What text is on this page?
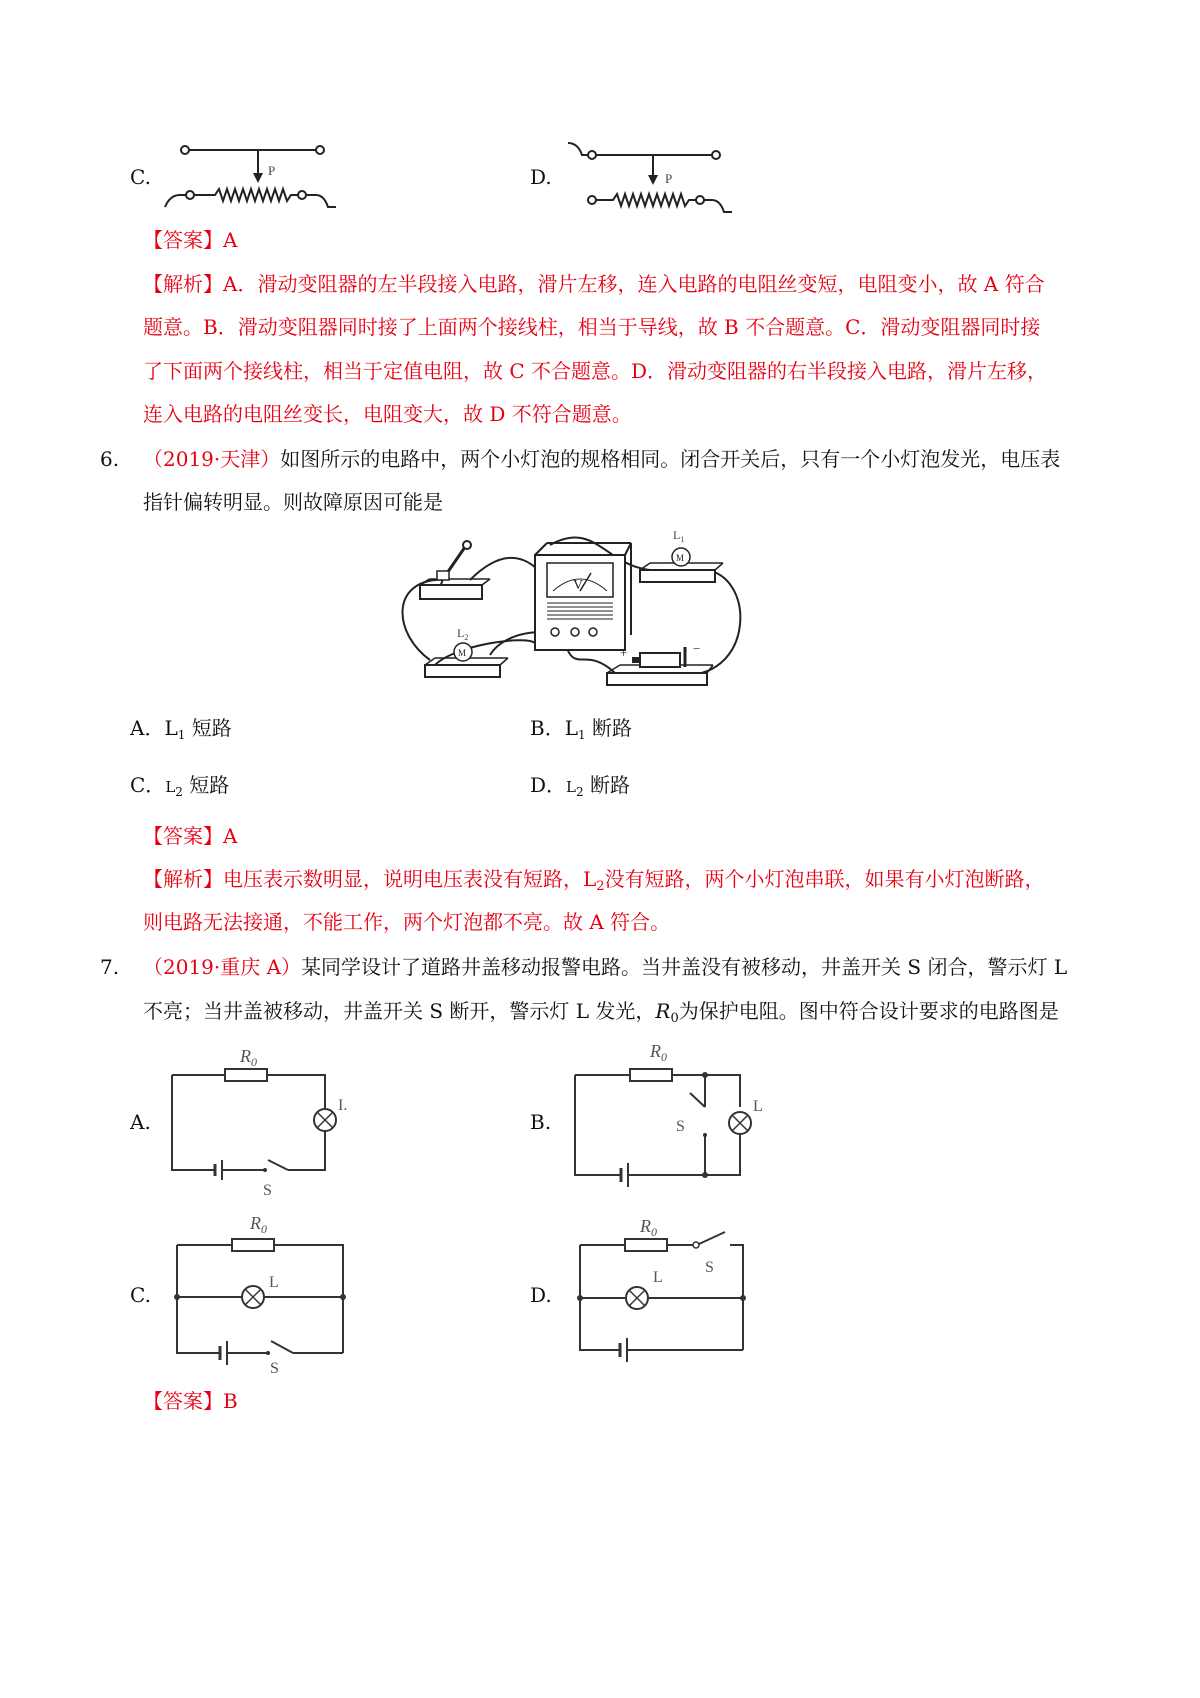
C.	P	D.	P
【答案】A
【解析】A．滑动变阻器的左半段接入电路，滑片左移，连入电路的电阻丝变短，电阻变小，故 A 符合
题意。B．滑动变阻器同时接了上面两个接线柱，相当于导线，故 B 不合题意。C．滑动变阻器同时接
了下面两个接线柱，相当于定值电阻，故 C 不合题意。D．滑动变阻器的右半段接入电路，滑片左移，
连入电路的电阻丝变长，电阻变大，故 D 不符合题意。
6. （2019·天津）如图所示的电路中，两个小灯泡的规格相同。闭合开关后，只有一个小灯泡发光，电压表
指针偏转明显。则故障原因可能是
V
M
$L_1$
M
$L_2$
+	−
A．$L_1$ 短路	B．$L_1$ 断路
C．$L_2$ 短路	D．$L_2$ 断路
【答案】A
【解析】电压表示数明显，说明电压表没有短路，$L_2$没有短路，两个小灯泡串联，如果有小灯泡断路，
则电路无法接通，不能工作，两个灯泡都不亮。故 A 符合。
7. （2019·重庆 A）某同学设计了道路井盖移动报警电路。当井盖没有被移动，井盖开关 S 闭合，警示灯 L
不亮；当井盖被移动，井盖开关 S 断开，警示灯 L 发光，$R_0$为保护电阻。图中符合设计要求的电路图是
A.
$R_0$
I.
S
B.
$R_0$
S
L
C.
$R_0$
L
S
D.
$R_0$
S
L
【答案】B
